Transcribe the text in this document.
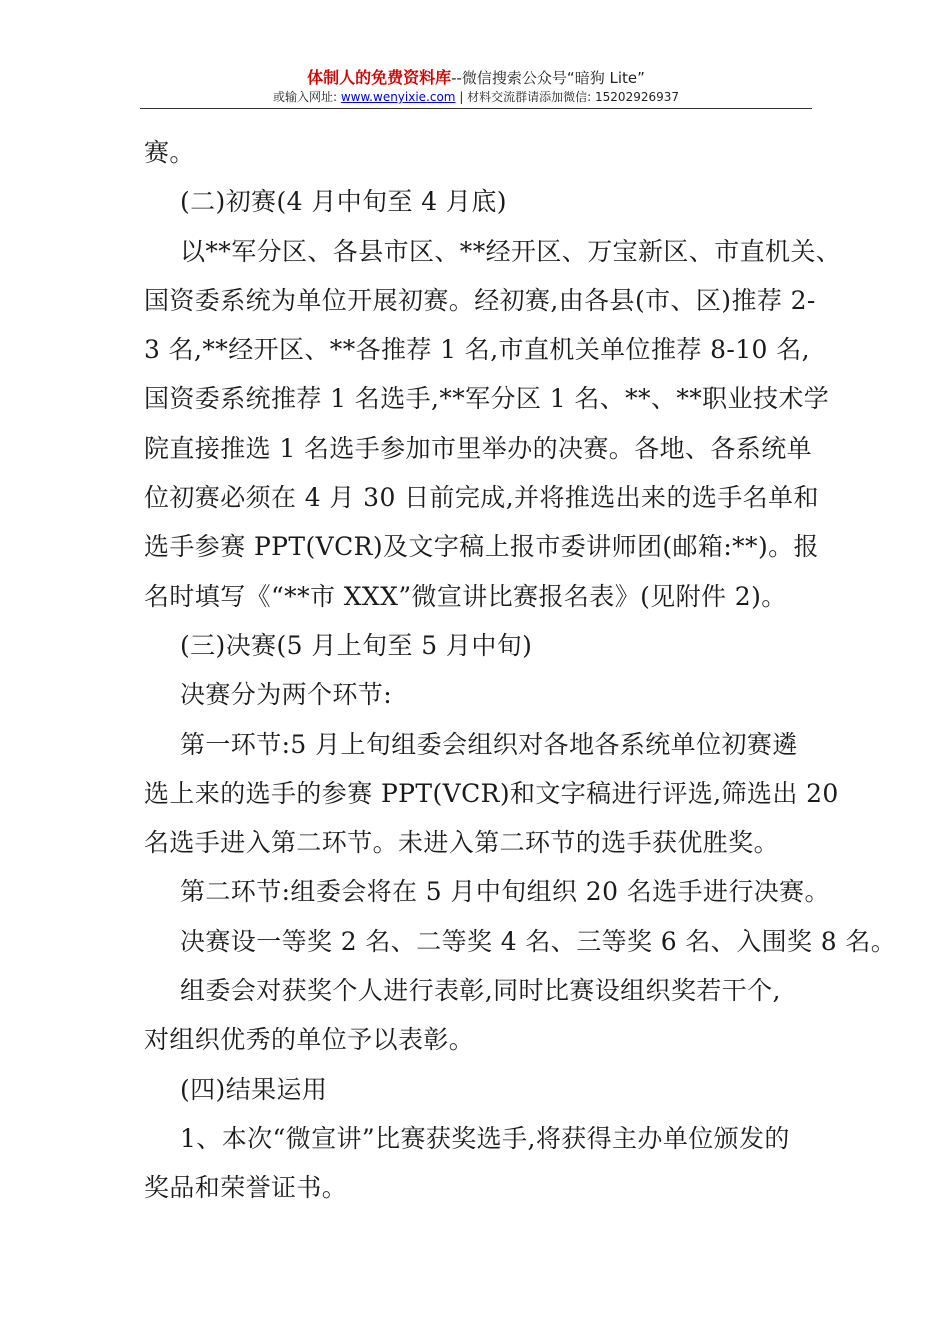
体制人的免费资料库--微信搜索公众号“暗狗 Lite”
或输入网址: www.wenyixie.com | 材料交流群请添加微信: 15202926937
赛。
(二)初赛(4 月中旬至 4 月底)
以**军分区、各县市区、**经开区、万宝新区、市直机关、
国资委系统为单位开展初赛。经初赛,由各县(市、区)推荐 2-
3 名,**经开区、**各推荐 1 名,市直机关单位推荐 8-10 名,
国资委系统推荐 1 名选手,**军分区 1 名、**、**职业技术学
院直接推选 1 名选手参加市里举办的决赛。各地、各系统单
位初赛必须在 4 月 30 日前完成,并将推选出来的选手名单和
选手参赛 PPT(VCR)及文字稿上报市委讲师团(邮箱:**)。报
名时填写《“**市 XXX”微宣讲比赛报名表》(见附件 2)。
(三)决赛(5 月上旬至 5 月中旬)
决赛分为两个环节:
第一环节:5 月上旬组委会组织对各地各系统单位初赛遴
选上来的选手的参赛 PPT(VCR)和文字稿进行评选,筛选出 20
名选手进入第二环节。未进入第二环节的选手获优胜奖。
第二环节:组委会将在 5 月中旬组织 20 名选手进行决赛。
决赛设一等奖 2 名、二等奖 4 名、三等奖 6 名、入围奖 8 名。
组委会对获奖个人进行表彰,同时比赛设组织奖若干个,
对组织优秀的单位予以表彰。
(四)结果运用
1、本次“微宣讲”比赛获奖选手,将获得主办单位颁发的
奖品和荣誉证书。
